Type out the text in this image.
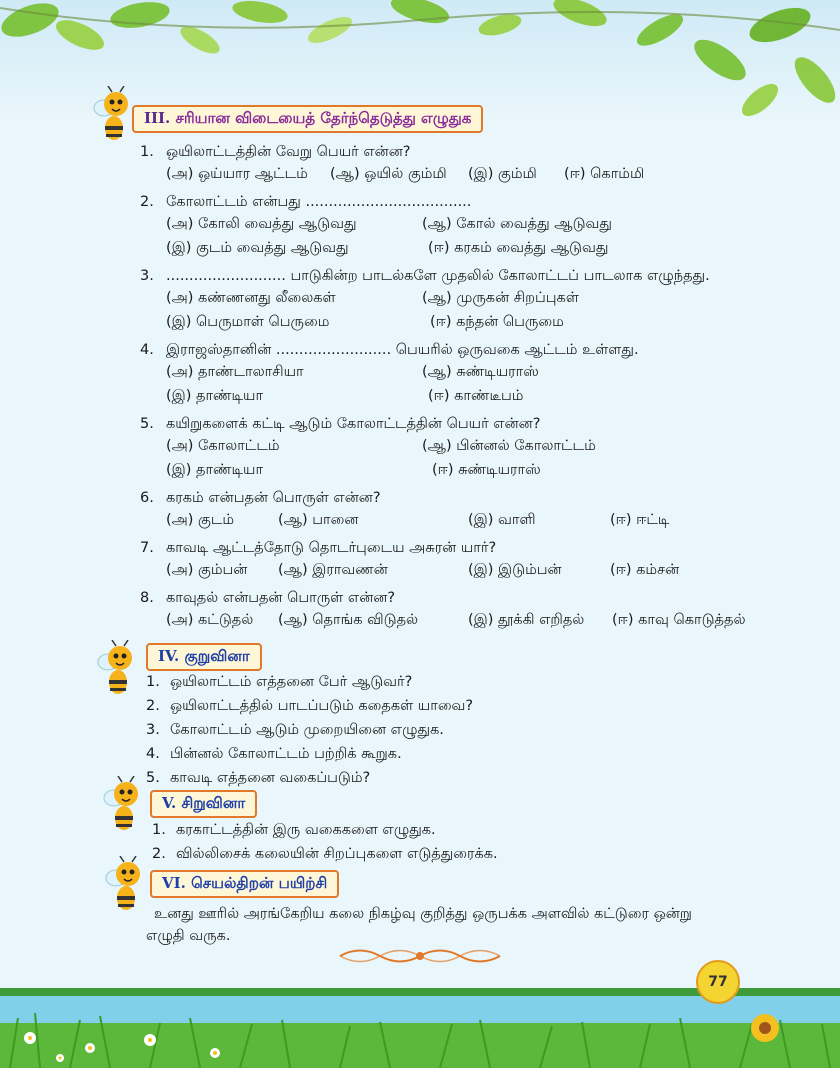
III. சரியான விடையைத் தேர்ந்தெடுத்து எழுதுக
1. ஒயிலாட்டத்தின் வேறு பெயர் என்ன?
(அ) ஒய்யார ஆட்டம் (ஆ) ஒயில் கும்மி (இ) கும்மி (ஈ) கொம்மி
2. கோலாட்டம் என்பது ....................................
(அ) கோலி வைத்து ஆடுவது	(ஆ) கோல் வைத்து ஆடுவது
(இ) குடம் வைத்து ஆடுவது	(ஈ) கரகம் வைத்து ஆடுவது
3. .......................... பாடுகின்ற பாடல்களே முதலில் கோலாட்டப் பாடலாக எழுந்தது.
(அ) கண்ணனது லீலைகள்	(ஆ) முருகன் சிறப்புகள்
(இ) பெருமாள் பெருமை	(ஈ) கந்தன் பெருமை
4. இராஜஸ்தானின் ......................... பெயரில் ஒருவகை ஆட்டம் உள்ளது.
(அ) தாண்டாலாசியா	(ஆ) சுண்டியராஸ்
(இ) தாண்டியா	(ஈ) காண்டீபம்
5. கயிறுகளைக் கட்டி ஆடும் கோலாட்டத்தின் பெயர் என்ன?
(அ) கோலாட்டம்	(ஆ) பின்னல் கோலாட்டம்
(இ) தாண்டியா	(ஈ) சுண்டியராஸ்
6. கரகம் என்பதன் பொருள் என்ன?
(அ) குடம்	(ஆ) பானை	(இ) வாளி	(ஈ) ஈட்டி
7. காவடி ஆட்டத்தோடு தொடர்புடைய அசுரன் யார்?
(அ) கும்பன் (ஆ) இராவணன்	(இ) இடும்பன்	(ஈ) கம்சன்
8. காவுதல் என்பதன் பொருள் என்ன?
(அ) கட்டுதல் (ஆ) தொங்க விடுதல்	(இ) தூக்கி எறிதல் (ஈ) காவு கொடுத்தல்
IV. குறுவினா
1. ஒயிலாட்டம் எத்தனை பேர் ஆடுவர்?
2. ஒயிலாட்டத்தில் பாடப்படும் கதைகள் யாவை?
3. கோலாட்டம் ஆடும் முறையினை எழுதுக.
4. பின்னல் கோலாட்டம் பற்றிக் கூறுக.
5. காவடி எத்தனை வகைப்படும்?
V. சிறுவினா
1. கரகாட்டத்தின் இரு வகைகளை எழுதுக.
2. வில்லிசைக் கலையின் சிறப்புகளை எடுத்துரைக்க.
VI. செயல்திறன் பயிற்சி
உனது ஊரில் அரங்கேறிய கலை நிகழ்வு குறித்து ஒருபக்க அளவில் கட்டுரை ஒன்று
எழுதி வருக.
77
